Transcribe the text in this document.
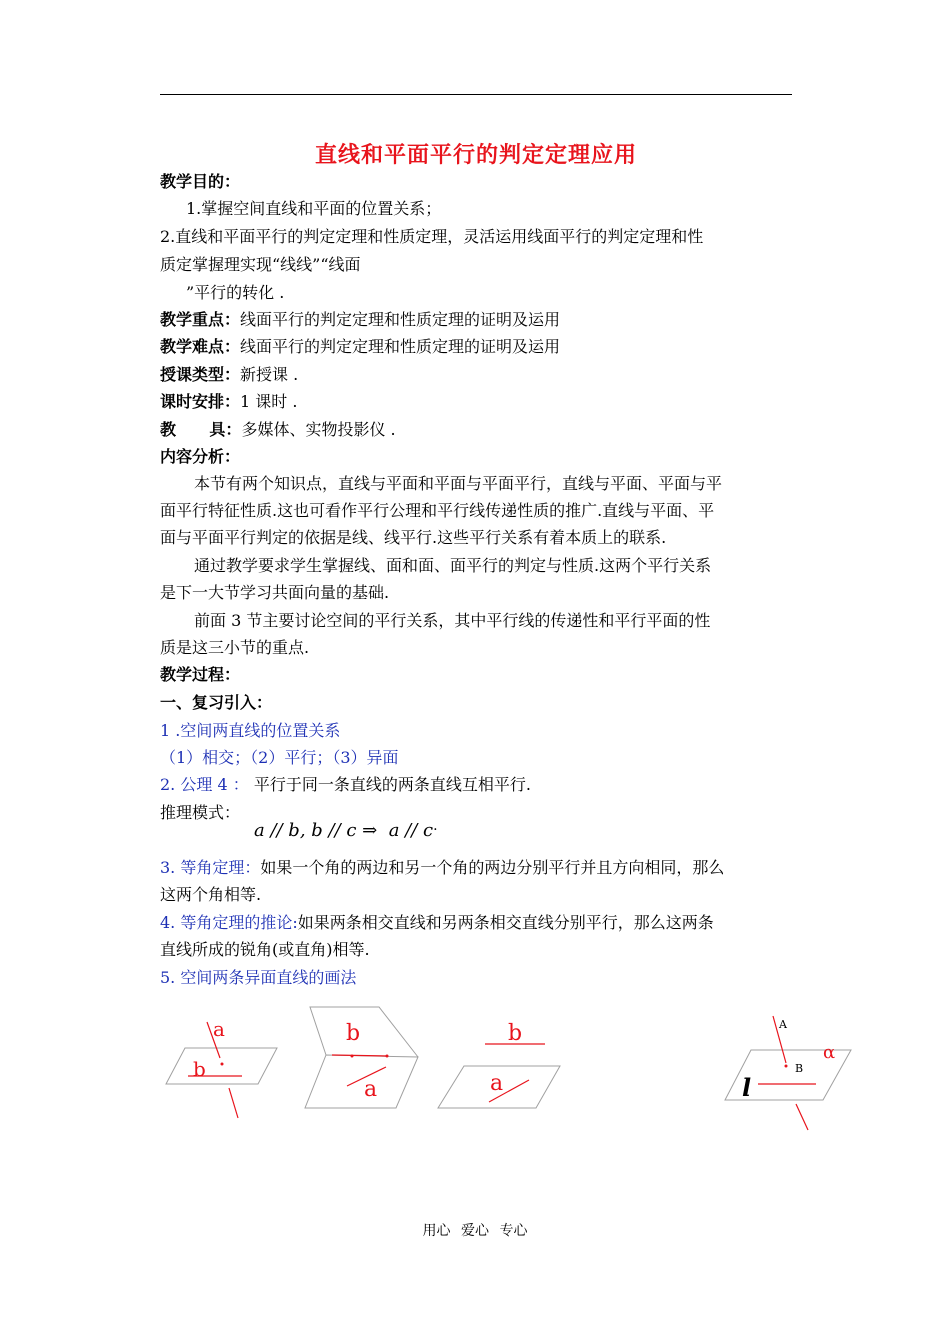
直线和平面平行的判定定理应用
教学目的：
1.掌握空间直线和平面的位置关系；
2.直线和平面平行的判定定理和性质定理，灵活运用线面平行的判定定理和性
质定掌握理实现“线线”“线面
”平行的转化 .
教学重点：线面平行的判定定理和性质定理的证明及运用
教学难点：线面平行的判定定理和性质定理的证明及运用
授课类型：新授课 .
课时安排：1 课时 .
教      具：多媒体、实物投影仪 .
内容分析：
本节有两个知识点，直线与平面和平面与平面平行，直线与平面、平面与平
面平行特征性质.这也可看作平行公理和平行线传递性质的推广.直线与平面、平
面与平面平行判定的依据是线、线平行.这些平行关系有着本质上的联系.
通过教学要求学生掌握线、面和面、面平行的判定与性质.这两个平行关系
是下一大节学习共面向量的基础.
前面 3 节主要讨论空间的平行关系，其中平行线的传递性和平行平面的性
质是这三小节的重点.
教学过程：
一、复习引入：
1 .空间两直线的位置关系
（1）相交；（2）平行；（3）异面
2. 公理 4 ： 平行于同一条直线的两条直线互相平行.
推理模式：
a // b, b // c ⇒  a // c.
3. 等角定理：如果一个角的两边和另一个角的两边分别平行并且方向相同，那么
这两个角相等.
4. 等角定理的推论:如果两条相交直线和另两条相交直线分别平行，那么这两条
直线所成的锐角(或直角)相等.
5. 空间两条异面直线的画法
a
b
b
a
b
a
A
B
α
l
用心 爱心 专心
